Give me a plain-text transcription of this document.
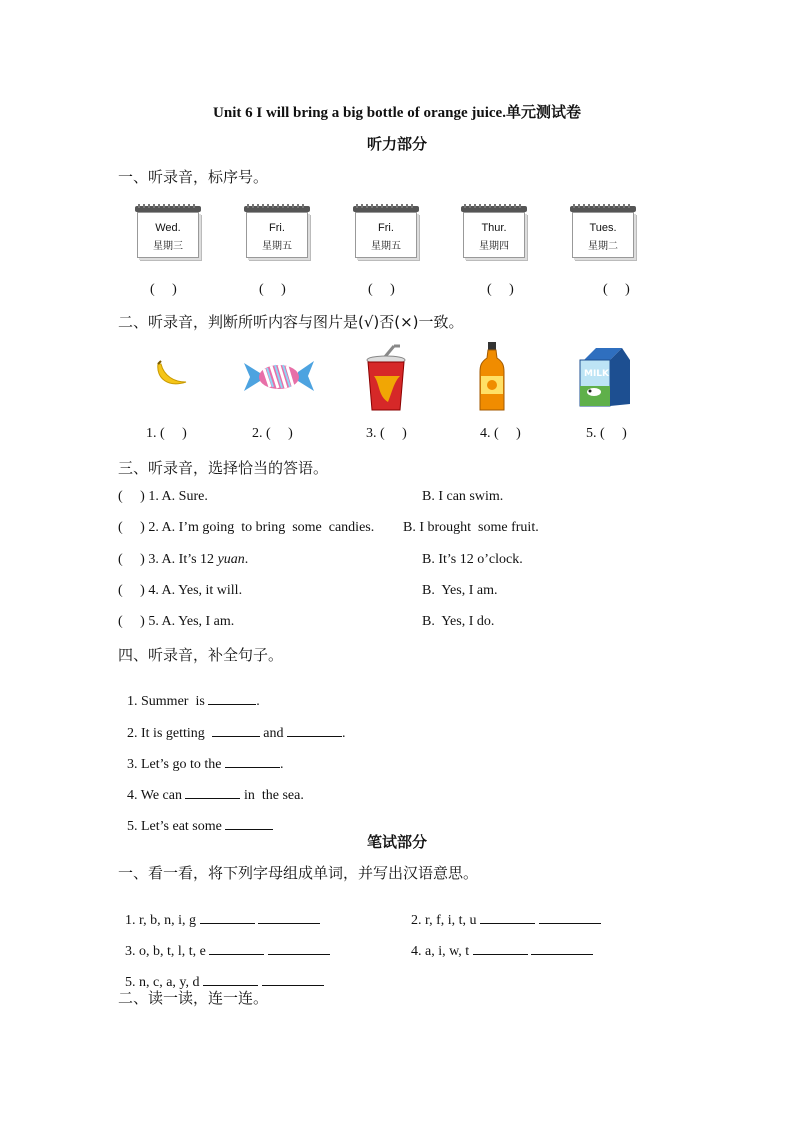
Unit 6 I will bring a big bottle of orange juice.单元测试卷
听力部分
一、听录音，标序号。
Wed.
星期三
Fri.
星期五
Fri.
星期五
Thur.
星期四
Tues.
星期二
(     )	(     )	(     )	(     )	(     )
二、听录音，判断所听内容与图片是(√)否(×)一致。
MILK
1. (     )	2. (     )	3. (     )	4. (     )	5. (     )
三、听录音，选择恰当的答语。
(     ) 1. A. Sure.	B. I can swim.
(     ) 2. A. I’m going  to bring  some  candies. B. I brought  some fruit.
(     ) 3. A. It’s 12 yuan.	B. It’s 12 o’clock.
(     ) 4. A. Yes, it will.	B.  Yes, I am.
(     ) 5. A. Yes, I am.	B.  Yes, I do.
四、听录音，补全句子。

1. Summer  is	.

2. It is getting	and	.

3. Let’s go to the	.

4. We can	in  the sea.

5. Let’s eat some

笔试部分
一、看一看，将下列字母组成单词，并写出汉语意思。

1. r, b, n, i, g	2. r, f, i, t, u

3. o, b, t, l, t, e	4. a, i, w, t

5. n, c, a, y, d

二、读一读，连一连。
